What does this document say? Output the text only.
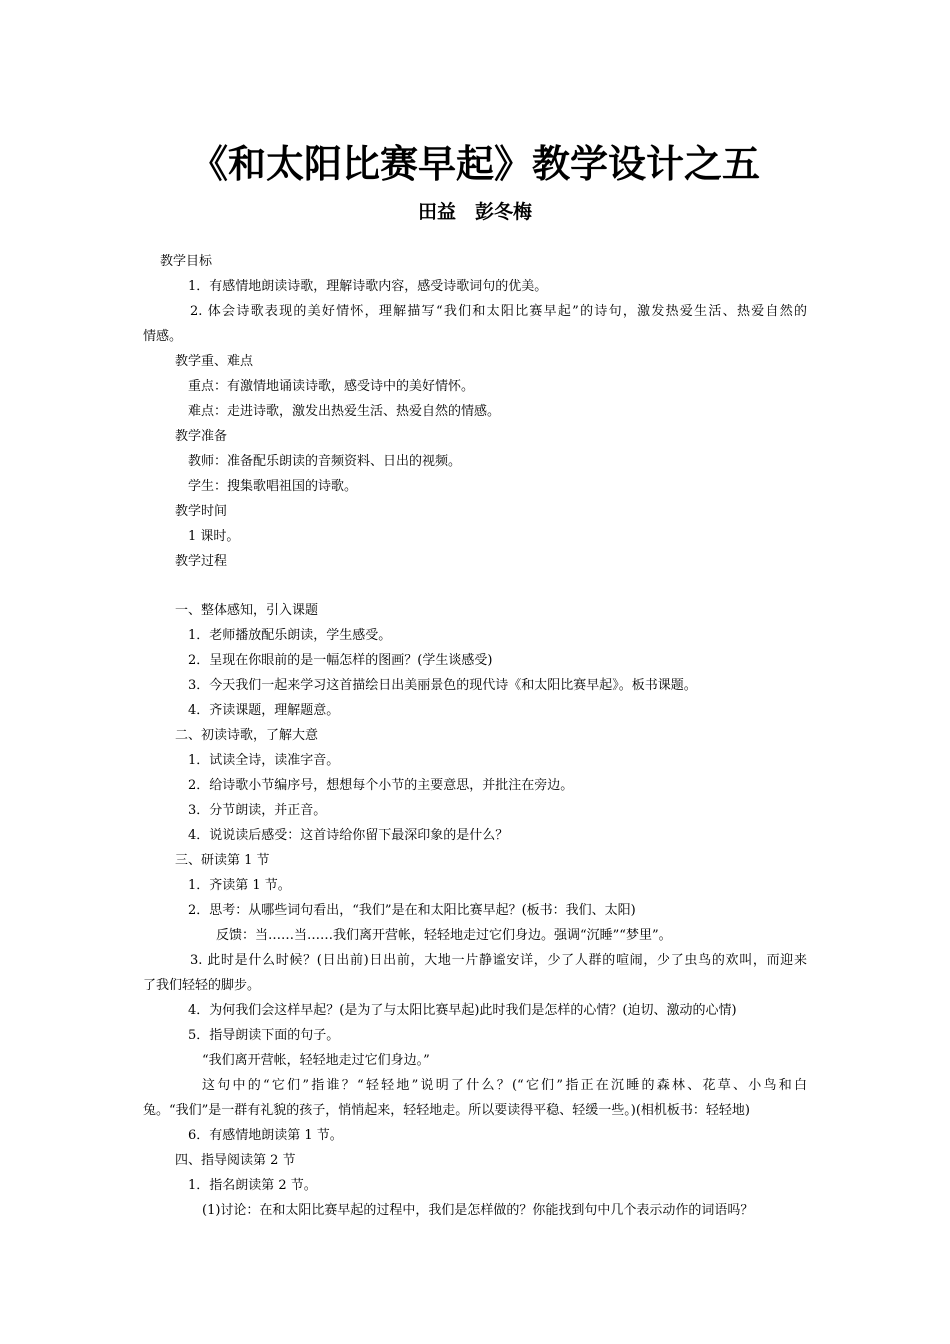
《和太阳比赛早起》教学设计之五
田益　彭冬梅
教学目标
1．有感情地朗读诗歌，理解诗歌内容，感受诗歌词句的优美。
2. 体会诗歌表现的美好情怀，理解描写“我们和太阳比赛早起”的诗句，激发热爱生活、热爱自然的
情感。
教学重、难点
重点：有激情地诵读诗歌，感受诗中的美好情怀。
难点：走进诗歌，激发出热爱生活、热爱自然的情感。
教学准备
教师：准备配乐朗读的音频资料、日出的视频。
学生：搜集歌唱祖国的诗歌。
教学时间
1 课时。
教学过程
一、整体感知，引入课题
1．老师播放配乐朗读，学生感受。
2．呈现在你眼前的是一幅怎样的图画？(学生谈感受)
3．今天我们一起来学习这首描绘日出美丽景色的现代诗《和太阳比赛早起》。板书课题。
4．齐读课题，理解题意。
二、初读诗歌，了解大意
1．试读全诗，读准字音。
2．给诗歌小节编序号，想想每个小节的主要意思，并批注在旁边。
3．分节朗读，并正音。
4．说说读后感受：这首诗给你留下最深印象的是什么？
三、研读第 1 节
1．齐读第 1 节。
2．思考：从哪些词句看出，“我们”是在和太阳比赛早起？(板书：我们、太阳)
反馈：当……当……我们离开营帐，轻轻地走过它们身边。强调“沉睡”“梦里”。
3. 此时是什么时候？(日出前)日出前，大地一片静谧安详，少了人群的喧闹，少了虫鸟的欢叫，而迎来
了我们轻轻的脚步。
4．为何我们会这样早起？(是为了与太阳比赛早起)此时我们是怎样的心情？(迫切、激动的心情)
5．指导朗读下面的句子。
“我们离开营帐，轻轻地走过它们身边。”
这句中的“它们”指谁？“轻轻地”说明了什么？(“它们”指正在沉睡的森林、花草、小鸟和白
兔。“我们”是一群有礼貌的孩子，悄悄起来，轻轻地走。所以要读得平稳、轻缓一些。)(相机板书：轻轻地)
6．有感情地朗读第 1 节。
四、指导阅读第 2 节
1．指名朗读第 2 节。
(1)讨论：在和太阳比赛早起的过程中，我们是怎样做的？你能找到句中几个表示动作的词语吗？
